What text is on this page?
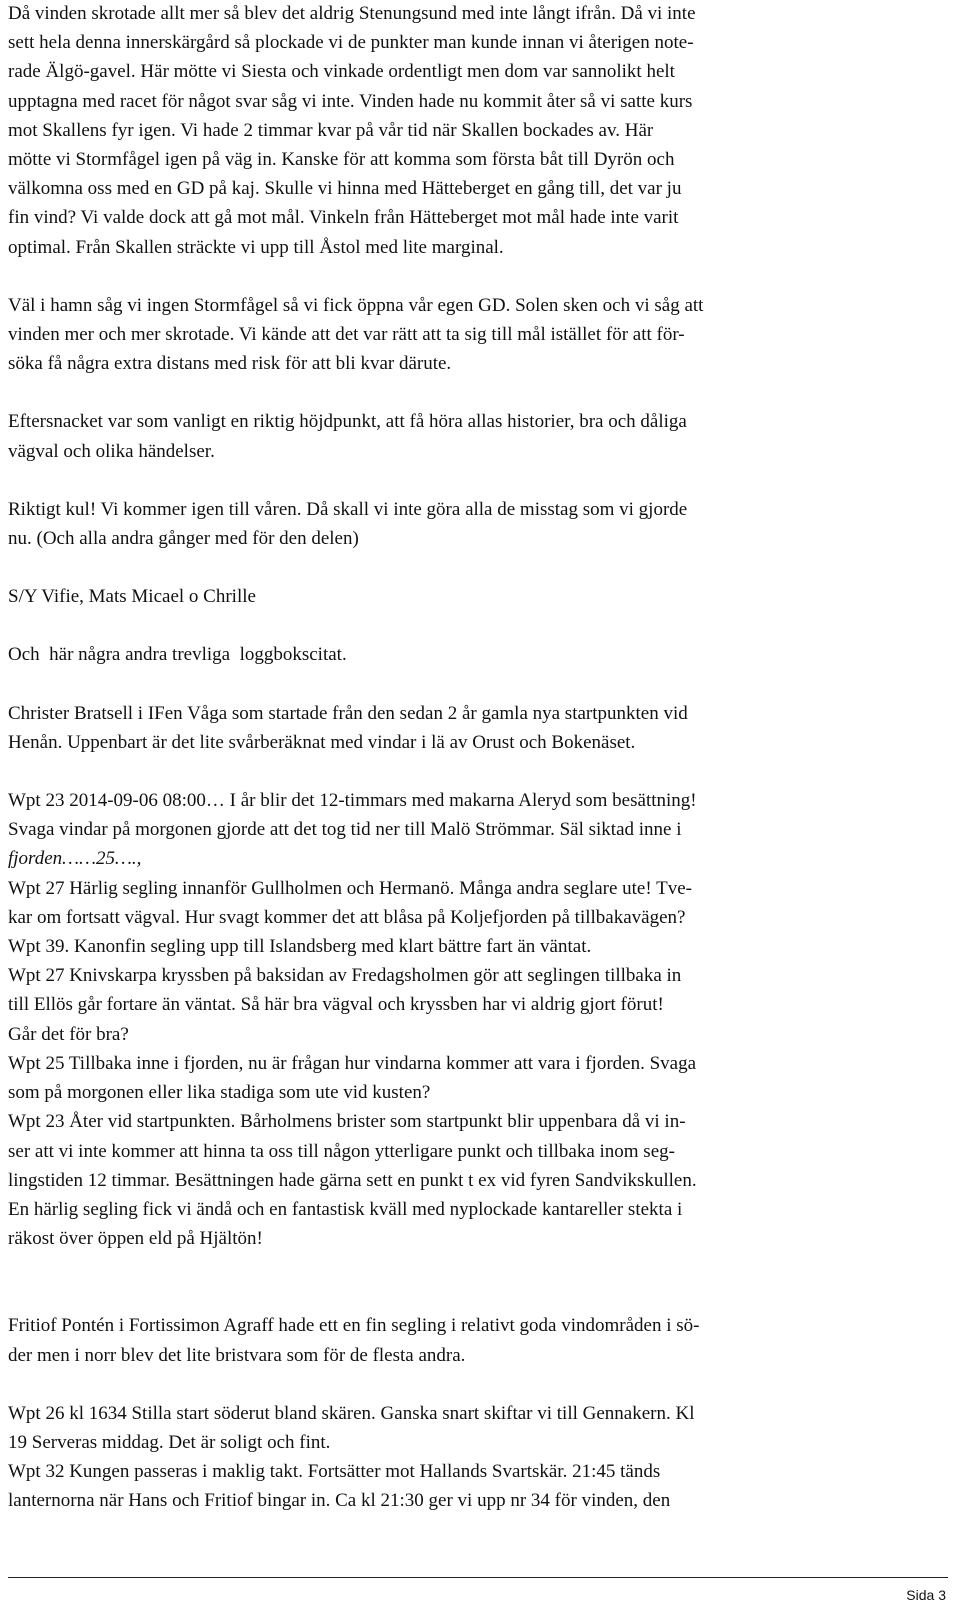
Då vinden skrotade allt mer så blev det aldrig Stenungsund med inte långt ifrån. Då vi inte
sett hela denna innerskärgård så plockade vi de punkter man kunde innan vi återigen note-
rade Älgö-gavel. Här mötte vi Siesta och vinkade ordentligt men dom var sannolikt helt
upptagna med racet för något svar såg vi inte. Vinden hade nu kommit åter så vi satte kurs
mot Skallens fyr igen. Vi hade 2 timmar kvar på vår tid när Skallen bockades av. Här
mötte vi Stormfågel igen på väg in. Kanske för att komma som första båt till Dyrön och
välkomna oss med en GD på kaj. Skulle vi hinna med Hätteberget en gång till, det var ju
fin vind? Vi valde dock att gå mot mål. Vinkeln från Hätteberget mot mål hade inte varit
optimal. Från Skallen sträckte vi upp till Åstol med lite marginal.
Väl i hamn såg vi ingen Stormfågel så vi fick öppna vår egen GD. Solen sken och vi såg att
vinden mer och mer skrotade. Vi kände att det var rätt att ta sig till mål istället för att för-
söka få några extra distans med risk för att bli kvar därute.
Eftersnacket var som vanligt en riktig höjdpunkt, att få höra allas historier, bra och dåliga
vägval och olika händelser.
Riktigt kul! Vi kommer igen till våren. Då skall vi inte göra alla de misstag som vi gjorde
nu. (Och alla andra gånger med för den delen)
S/Y Vifie, Mats Micael o Chrille
Och  här några andra trevliga  loggbokscitat.
Christer Bratsell i IFen Våga som startade från den sedan 2 år gamla nya startpunkten vid
Henån. Uppenbart är det lite svårberäknat med vindar i lä av Orust och Bokenäset.
Wpt 23 2014-09-06 08:00… I år blir det 12-timmars med makarna Aleryd som besättning!
Svaga vindar på morgonen gjorde att det tog tid ner till Malö Strömmar. Säl siktad inne i
fjorden……25….,
Wpt 27 Härlig segling innanför Gullholmen och Hermanö. Många andra seglare ute! Tve-
kar om fortsatt vägval. Hur svagt kommer det att blåsa på Koljefjorden på tillbakavägen?
Wpt 39. Kanonfin segling upp till Islandsberg med klart bättre fart än väntat.
Wpt 27 Knivskarpa kryssben på baksidan av Fredagsholmen gör att seglingen tillbaka in
till Ellös går fortare än väntat. Så här bra vägval och kryssben har vi aldrig gjort förut!
Går det för bra?
Wpt 25 Tillbaka inne i fjorden, nu är frågan hur vindarna kommer att vara i fjorden. Svaga
som på morgonen eller lika stadiga som ute vid kusten?
Wpt 23 Åter vid startpunkten. Bårholmens brister som startpunkt blir uppenbara då vi in-
ser att vi inte kommer att hinna ta oss till någon ytterligare punkt och tillbaka inom seg-
lingstiden 12 timmar. Besättningen hade gärna sett en punkt t ex vid fyren Sandvikskullen.
En härlig segling fick vi ändå och en fantastisk kväll med nyplockade kantareller stekta i
räkost över öppen eld på Hjältön!
Fritiof Pontén i Fortissimon Agraff hade ett en fin segling i relativt goda vindområden i sö-
der men i norr blev det lite bristvara som för de flesta andra.
Wpt 26 kl 1634 Stilla start söderut bland skären. Ganska snart skiftar vi till Gennakern. Kl
19 Serveras middag. Det är soligt och fint.
Wpt 32 Kungen passeras i maklig takt. Fortsätter mot Hallands Svartskär. 21:45 tänds
lanternorna när Hans och Fritiof bingar in. Ca kl 21:30 ger vi upp nr 34 för vinden, den
Sida 3
